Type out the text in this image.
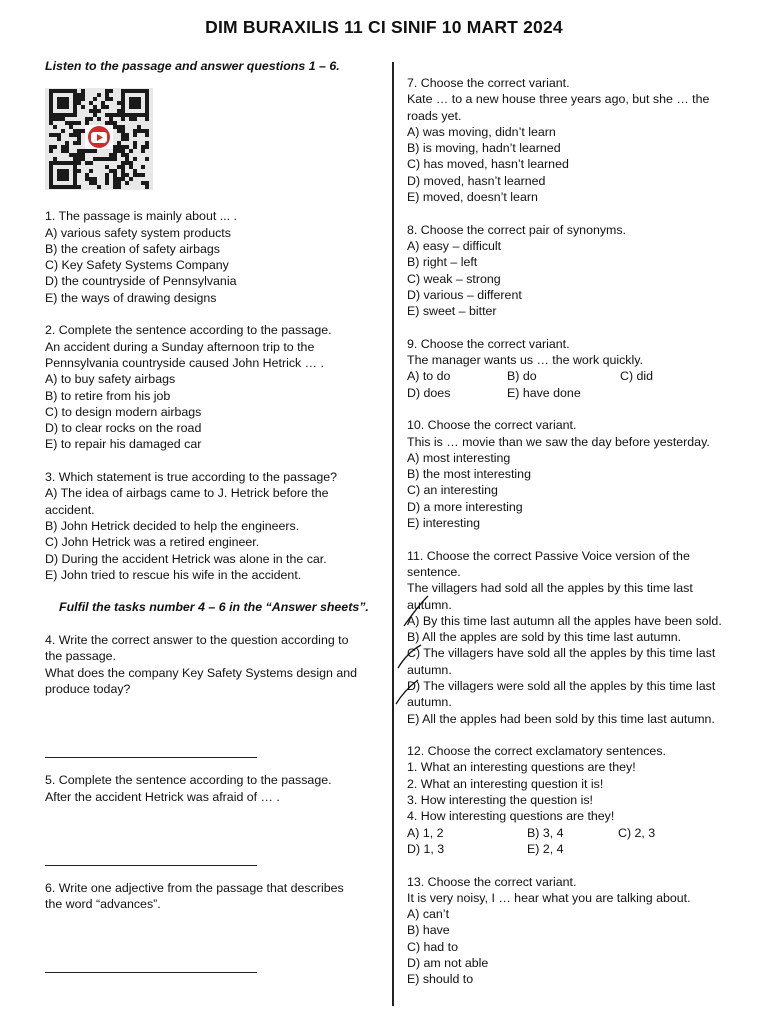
DIM BURAXILIS 11 CI SINIF 10 MART 2024
Listen to the passage and answer questions 1 – 6.
1. The passage is mainly about ... .
A) various safety system products
B) the creation of safety airbags
C) Key Safety Systems Company
D) the countryside of Pennsylvania
E) the ways of drawing designs
2. Complete the sentence according to the passage.
An accident during a Sunday afternoon trip to the
Pennsylvania countryside caused John Hetrick … .
A) to buy safety airbags
B) to retire from his job
C) to design modern airbags
D) to clear rocks on the road
E) to repair his damaged car
3. Which statement is true according to the passage?
A) The idea of airbags came to J. Hetrick before the
accident.
B) John Hetrick decided to help the engineers.
C) John Hetrick was a retired engineer.
D) During the accident Hetrick was alone in the car.
E) John tried to rescue his wife in the accident.
Fulfil the tasks number 4 – 6 in the “Answer sheets”.
4. Write the correct answer to the question according to
the passage.
What does the company Key Safety Systems design and
produce today?
5. Complete the sentence according to the passage.
After the accident Hetrick was afraid of … .
6. Write one adjective from the passage that describes
the word “advances”.
7. Choose the correct variant.
Kate … to a new house three years ago, but she … the
roads yet.
A) was moving, didn’t learn
B) is moving, hadn’t learned
C) has moved, hasn’t learned
D) moved, hasn’t learned
E) moved, doesn’t learn
8. Choose the correct pair of synonyms.
A) easy – difficult
B) right – left
C) weak – strong
D) various – different
E) sweet – bitter
9. Choose the correct variant.
The manager wants us … the work quickly.
A) to do	B) do	C) did
D) does	E) have done
10. Choose the correct variant.
This is … movie than we saw the day before yesterday.
A) most interesting
B) the most interesting
C) an interesting
D) a more interesting
E) interesting
11. Choose the correct Passive Voice version of the
sentence.
The villagers had sold all the apples by this time last
autumn.
A) By this time last autumn all the apples have been sold.
B) All the apples are sold by this time last autumn.
C) The villagers have sold all the apples by this time last
autumn.
D) The villagers were sold all the apples by this time last
autumn.
E) All the apples had been sold by this time last autumn.
12. Choose the correct exclamatory sentences.
1. What an interesting questions are they!
2. What an interesting question it is!
3. How interesting the question is!
4. How interesting questions are they!
A) 1, 2	B) 3, 4	C) 2, 3
D) 1, 3	E) 2, 4
13. Choose the correct variant.
It is very noisy, I … hear what you are talking about.
A) can’t
B) have
C) had to
D) am not able
E) should to
